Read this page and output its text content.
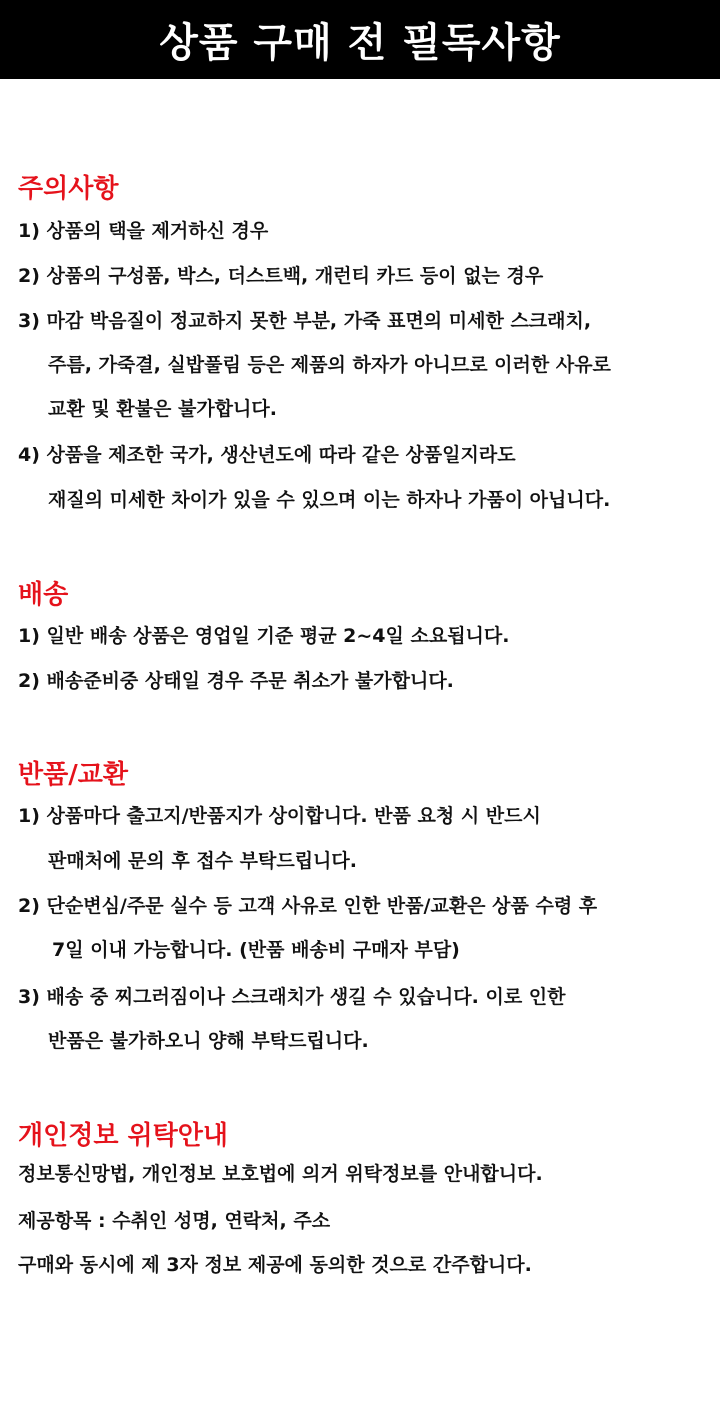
상품 구매 전 필독사항
주의사항
1) 상품의 택을 제거하신 경우
2) 상품의 구성품, 박스, 더스트백, 개런티 카드 등이 없는 경우
3) 마감 박음질이 정교하지 못한 부분, 가죽 표면의 미세한 스크래치,
주름, 가죽결, 실밥풀림 등은 제품의 하자가 아니므로 이러한 사유로
교환 및 환불은 불가합니다.
4) 상품을 제조한 국가, 생산년도에 따라 같은 상품일지라도
재질의 미세한 차이가 있을 수 있으며 이는 하자나 가품이 아닙니다.
배송
1) 일반 배송 상품은 영업일 기준 평균 2~4일 소요됩니다.
2) 배송준비중 상태일 경우 주문 취소가 불가합니다.
반품/교환
1) 상품마다 출고지/반품지가 상이합니다. 반품 요청 시 반드시
판매처에 문의 후 접수 부탁드립니다.
2) 단순변심/주문 실수 등 고객 사유로 인한 반품/교환은 상품 수령 후
7일 이내 가능합니다. (반품 배송비 구매자 부담)
3) 배송 중 찌그러짐이나 스크래치가 생길 수 있습니다. 이로 인한
반품은 불가하오니 양해 부탁드립니다.
개인정보 위탁안내
정보통신망법, 개인정보 보호법에 의거 위탁정보를 안내합니다.
제공항목 : 수취인 성명, 연락처, 주소
구매와 동시에 제 3자 정보 제공에 동의한 것으로 간주합니다.
